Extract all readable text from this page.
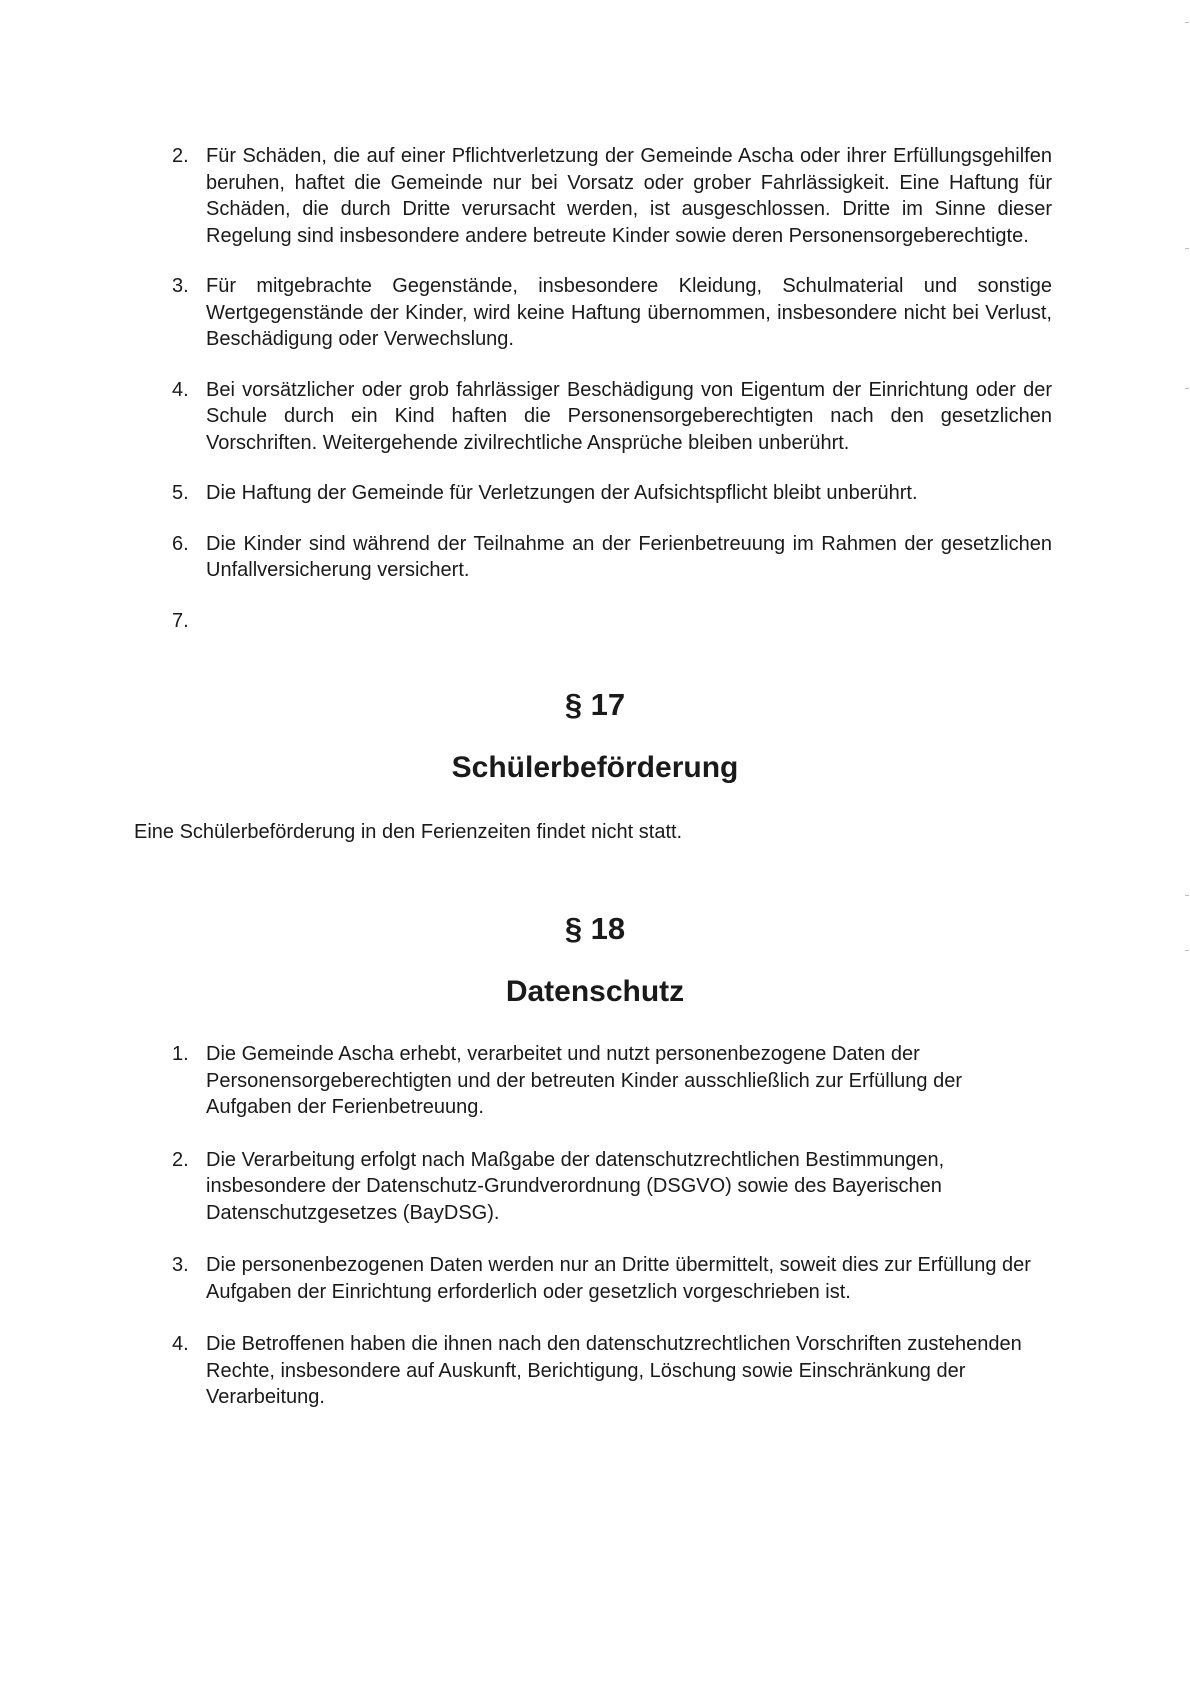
2. Für Schäden, die auf einer Pflichtverletzung der Gemeinde Ascha oder ihrer Erfüllungsgehilfen beruhen, haftet die Gemeinde nur bei Vorsatz oder grober Fahrlässigkeit. Eine Haftung für Schäden, die durch Dritte verursacht werden, ist ausgeschlossen. Dritte im Sinne dieser Regelung sind insbesondere andere betreute Kinder sowie deren Personensorgeberechtigte.
3. Für mitgebrachte Gegenstände, insbesondere Kleidung, Schulmaterial und sonstige Wertgegenstände der Kinder, wird keine Haftung übernommen, insbesondere nicht bei Verlust, Beschädigung oder Verwechslung.
4. Bei vorsätzlicher oder grob fahrlässiger Beschädigung von Eigentum der Einrichtung oder der Schule durch ein Kind haften die Personensorgeberechtigten nach den gesetzlichen Vorschriften. Weitergehende zivilrechtliche Ansprüche bleiben unberührt.
5. Die Haftung der Gemeinde für Verletzungen der Aufsichtspflicht bleibt unberührt.
6. Die Kinder sind während der Teilnahme an der Ferienbetreuung im Rahmen der gesetzlichen Unfallversicherung versichert.
7.
§ 17
Schülerbeförderung
Eine Schülerbeförderung in den Ferienzeiten findet nicht statt.
§ 18
Datenschutz
1. Die Gemeinde Ascha erhebt, verarbeitet und nutzt personenbezogene Daten der Personensorgeberechtigten und der betreuten Kinder ausschließlich zur Erfüllung der Aufgaben der Ferienbetreuung.
2. Die Verarbeitung erfolgt nach Maßgabe der datenschutzrechtlichen Bestimmungen, insbesondere der Datenschutz-Grundverordnung (DSGVO) sowie des Bayerischen Datenschutzgesetzes (BayDSG).
3. Die personenbezogenen Daten werden nur an Dritte übermittelt, soweit dies zur Erfüllung der Aufgaben der Einrichtung erforderlich oder gesetzlich vorgeschrieben ist.
4. Die Betroffenen haben die ihnen nach den datenschutzrechtlichen Vorschriften zustehenden Rechte, insbesondere auf Auskunft, Berichtigung, Löschung sowie Einschränkung der Verarbeitung.
